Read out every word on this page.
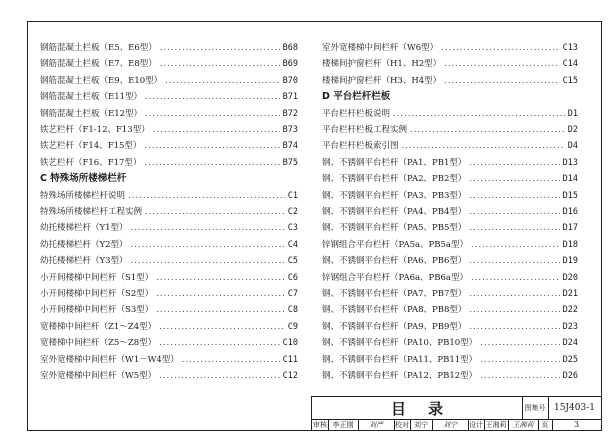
钢筋混凝土栏板（E5、E6型） .....	B68
钢筋混凝土栏板（E7、E8型） .....	B69
钢筋混凝土栏板（E9、E10型） .....	B70
钢筋混凝土栏板（E11型） .....	B71
钢筋混凝土栏板（E12型） .....	B72
铁艺栏杆（F1-12、F13型） .....	B73
铁艺栏杆（F14、F15型） .....	B74
铁艺栏杆（F16、F17型） .....	B75
C 特殊场所楼梯栏杆
特殊场所楼梯栏杆说明 .....	C1
特殊场所楼梯栏杆工程实例 .....	C2
幼托楼梯栏杆（Y1型） .....	C3
幼托楼梯栏杆（Y2型） .....	C4
幼托楼梯栏杆（Y3型） .....	C5
小开间楼梯中间栏杆（S1型） .....	C6
小开间楼梯中间栏杆（S2型） .....	C7
小开间楼梯中间栏杆（S3型） .....	C8
宽楼梯中间栏杆（Z1～Z4型） .....	C9
宽楼梯中间栏杆（Z5～Z8型） .....	C10
室外宽楼梯中间栏杆（W1－W4型） .....	C11
室外宽楼梯中间栏杆（W5型） .....	C12
室外宽楼梯中间栏杆（W6型） .....	C13
楼梯间护窗栏杆（H1、H2型） .....	C14
楼梯间护窗栏杆（H3、H4型） .....	C15
D 平台栏杆栏板
平台栏杆栏板说明 .....	D1
平台栏杆栏板工程实例 .....	D2
平台栏杆栏板索引图 .....	D4
钢、不锈钢平台栏杆（PA1、PB1型） .....	D13
钢、不锈钢平台栏杆（PA2、PB2型） .....	D14
钢、不锈钢平台栏杆（PA3、PB3型） .....	D15
钢、不锈钢平台栏杆（PA4、PB4型） .....	D16
钢、不锈钢平台栏杆（PA5、PB5型） .....	D17
锌钢组合平台栏杆（PA5a、PB5a型） .....	D18
钢、不锈钢平台栏杆（PA6、PB6型） .....	D19
锌钢组合平台栏杆（PA6a、PB6a型） .....	D20
钢、不锈钢平台栏杆（PA7、PB7型） .....	D21
钢、不锈钢平台栏杆（PA8、PB8型） .....	D22
钢、不锈钢平台栏杆（PA9、PB9型） .....	D23
钢、不锈钢平台栏杆（PA10、PB10型） .....	D24
钢、不锈钢平台栏杆（PA11、PB11型） .....	D25
钢、不锈钢平台栏杆（PA12、PB12型） .....	D26
目录	图集号 15J403-1
审核 李正刚	刘严	校对 刘宁	刘宁	设计 王湘莉 王湘莉	页	3
